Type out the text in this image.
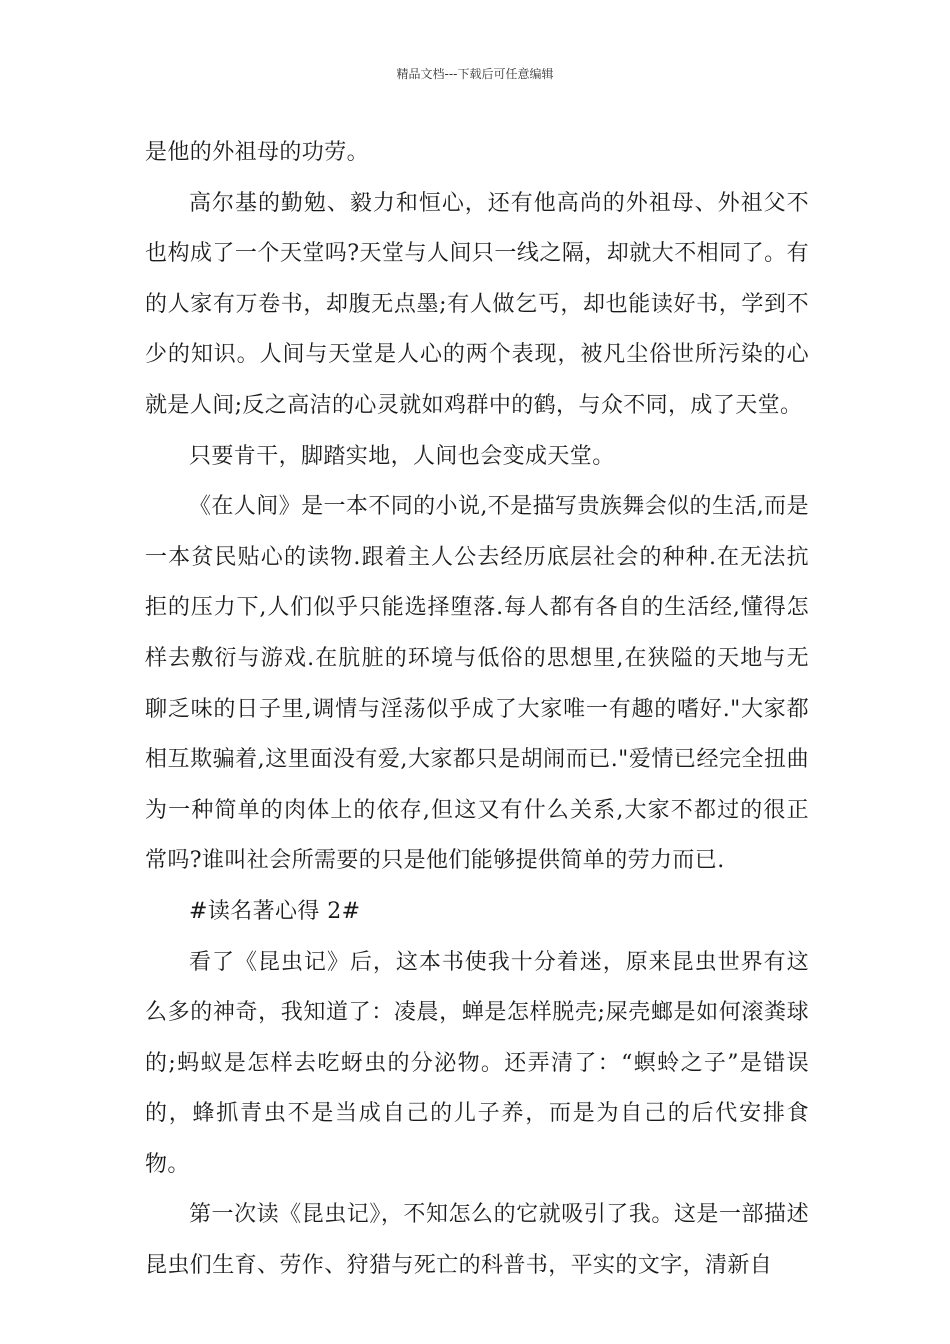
精品文档---下载后可任意编辑

是他的外祖母的功劳。

高尔基的勤勉、毅力和恒心，还有他高尚的外祖母、外祖父不也构成了一个天堂吗?天堂与人间只一线之隔，却就大不相同了。有的人家有万卷书，却腹无点墨;有人做乞丐，却也能读好书，学到不少的知识。人间与天堂是人心的两个表现，被凡尘俗世所污染的心就是人间;反之高洁的心灵就如鸡群中的鹤，与众不同，成了天堂。

只要肯干，脚踏实地，人间也会变成天堂。

《在人间》是一本不同的小说,不是描写贵族舞会似的生活,而是一本贫民贴心的读物.跟着主人公去经历底层社会的种种.在无法抗拒的压力下,人们似乎只能选择堕落.每人都有各自的生活经,懂得怎样去敷衍与游戏.在肮脏的环境与低俗的思想里,在狭隘的天地与无聊乏味的日子里,调情与淫荡似乎成了大家唯一有趣的嗜好."大家都相互欺骗着,这里面没有爱,大家都只是胡闹而已."爱情已经完全扭曲为一种简单的肉体上的依存,但这又有什么关系,大家不都过的很正常吗?谁叫社会所需要的只是他们能够提供简单的劳力而已.

#读名著心得 2#

看了《昆虫记》后，这本书使我十分着迷，原来昆虫世界有这么多的神奇，我知道了：凌晨，蝉是怎样脱壳;屎壳螂是如何滚粪球的;蚂蚁是怎样去吃蚜虫的分泌物。还弄清了：“螟蛉之子”是错误的，蜂抓青虫不是当成自己的儿子养，而是为自己的后代安排食物。

第一次读《昆虫记》，不知怎么的它就吸引了我。这是一部描述昆虫们生育、劳作、狩猎与死亡的科普书，平实的文字，清新自
